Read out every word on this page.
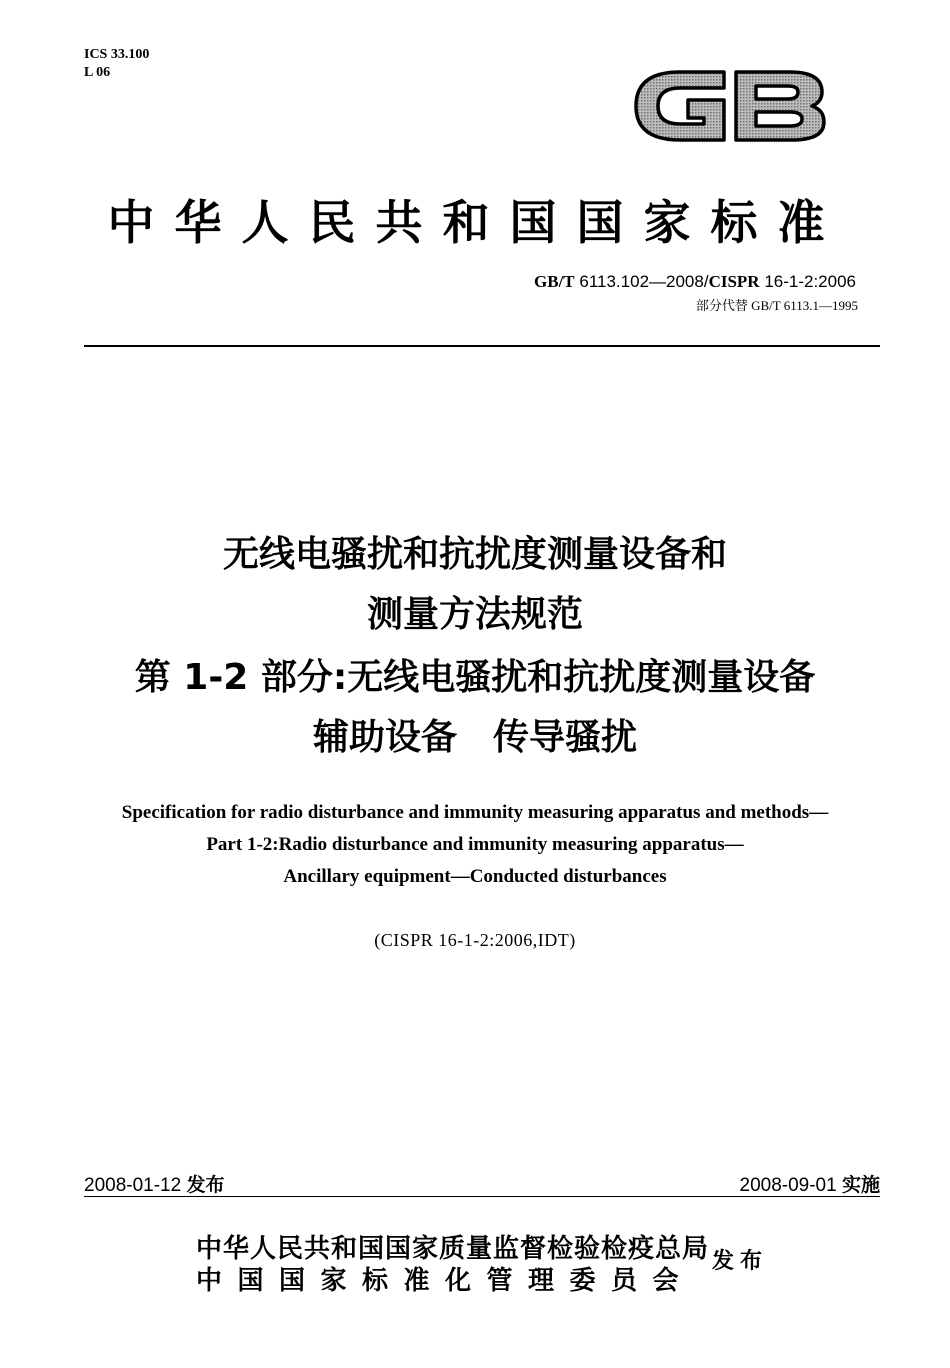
ICS 33.100
L 06
中华人民共和国国家标准
GB/T 6113.102—2008/CISPR 16-1-2:2006
部分代替 GB/T 6113.1—1995
无线电骚扰和抗扰度测量设备和
测量方法规范
第 1-2 部分:无线电骚扰和抗扰度测量设备
辅助设备　传导骚扰
Specification for radio disturbance and immunity measuring apparatus and methods—
Part 1-2:Radio disturbance and immunity measuring apparatus—
Ancillary equipment—Conducted disturbances
(CISPR 16-1-2:2006,IDT)
2008-01-12 发布	2008-09-01 实施
中华人民共和国国家质量监督检验检疫总局
中国国家标准化管理委员会
发布
